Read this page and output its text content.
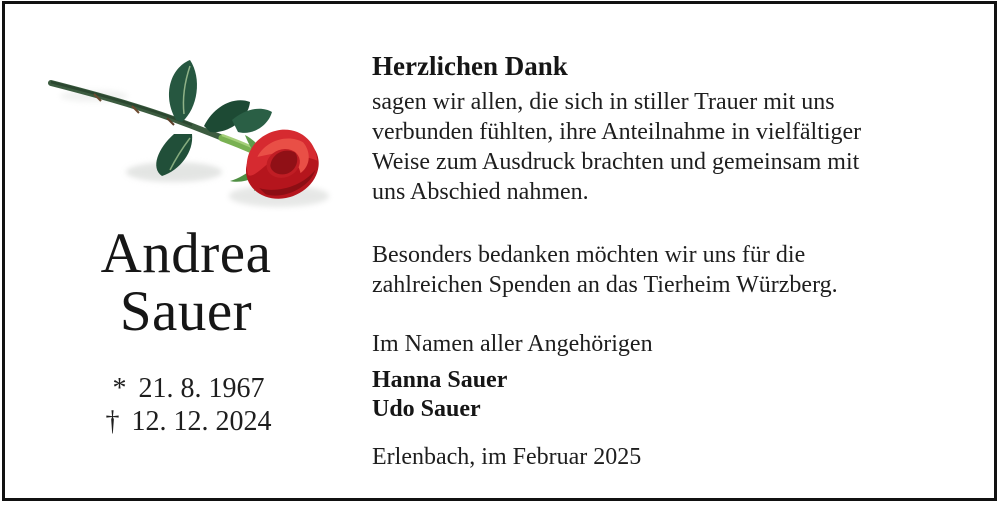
Andrea
Sauer
* 21. 8. 1967
† 12. 12. 2024
Herzlichen Dank
sagen wir allen, die sich in stiller Trauer mit uns
verbunden fühlten, ihre Anteilnahme in vielfältiger
Weise zum Ausdruck brachten und gemeinsam mit
uns Abschied nahmen.
Besonders bedanken möchten wir uns für die
zahlreichen Spenden an das Tierheim Würzberg.
Im Namen aller Angehörigen
Hanna Sauer
Udo Sauer
Erlenbach, im Februar 2025
